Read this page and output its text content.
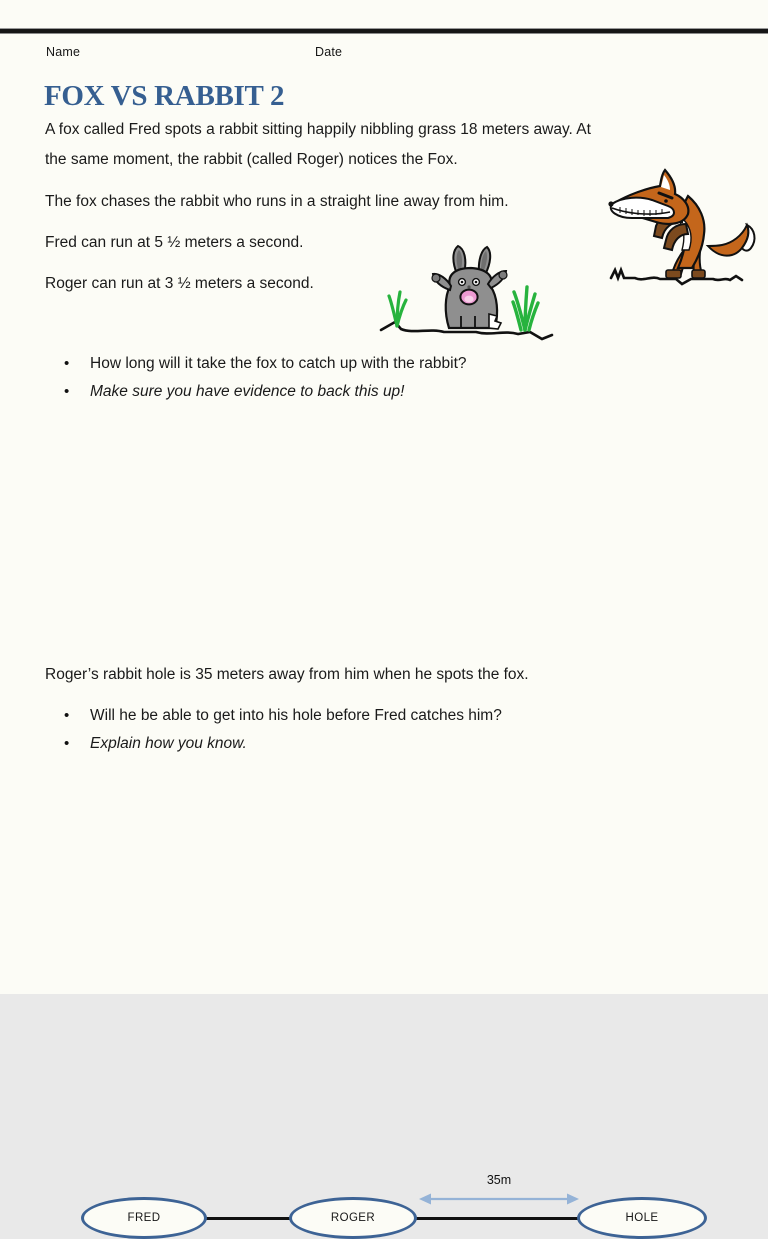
Name	Date
FOX VS RABBIT 2

A fox called Fred spots a rabbit sitting happily nibbling grass 18 meters away. At
the same moment, the rabbit (called Roger) notices the Fox.

The fox chases the rabbit who runs in a straight line away from him.

Fred can run at 5 ½ meters a second.

Roger can run at 3 ½ meters a second.

•	How long will it take the fox to catch up with the rabbit?
•	Make sure you have evidence to back this up!
35m
FRED	ROGER	HOLE

Roger’s rabbit hole is 35 meters away from him when he spots the fox.

•	Will he be able to get into his hole before Fred catches him?
•	Explain how you know.
